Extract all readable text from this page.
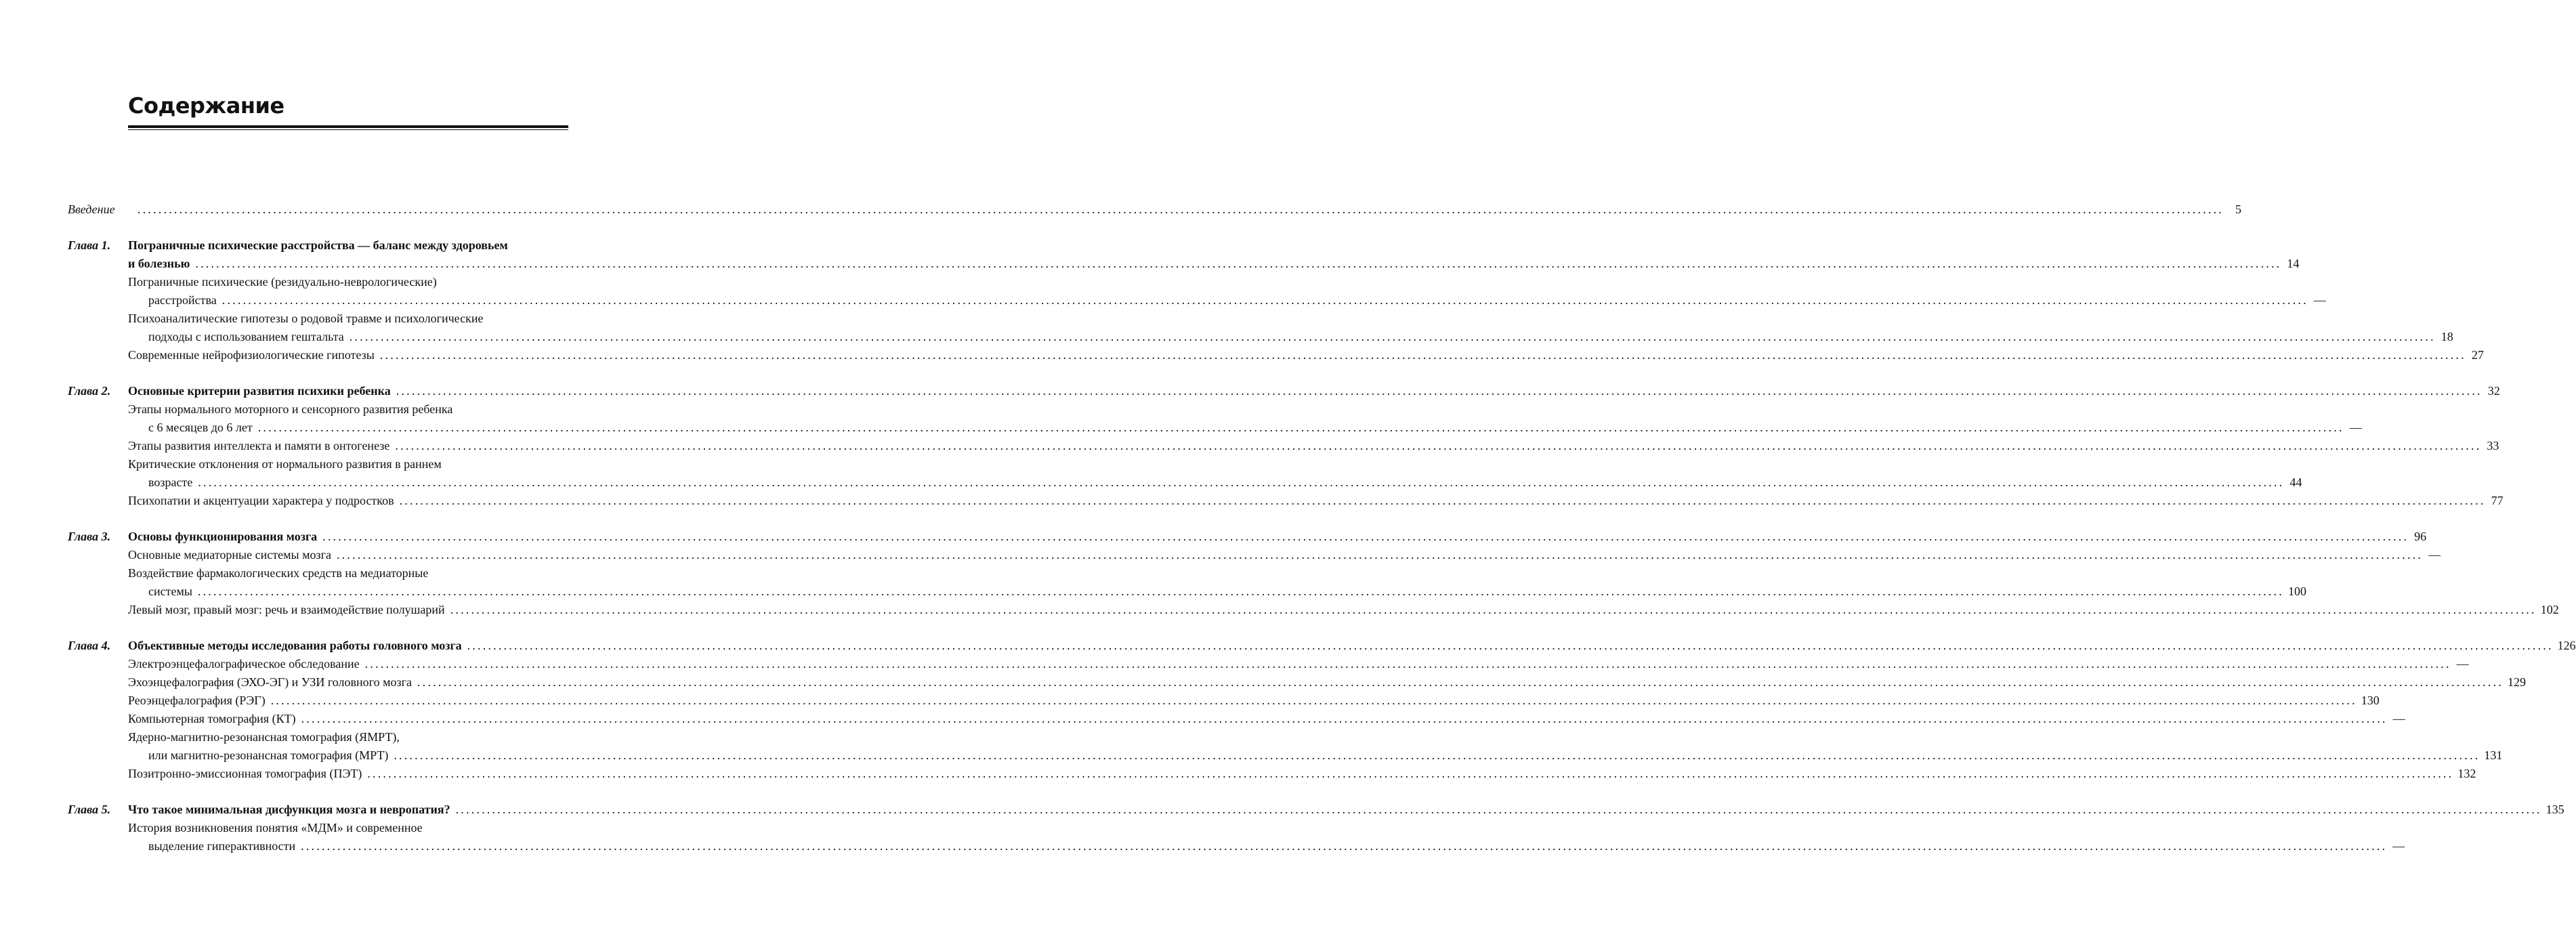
Содержание
................................................................................................................................................................................................................................................................................................................................................................................................................ 5
Введение
Глава 1. Пограничные психические расстройства — баланс между здоровьем
и болезнью ................................................................................................................................................................................................................................................................................................................................................................................................................ 14
Пограничные психические (резидуально-неврологические)
расстройства ................................................................................................................................................................................................................................................................................................................................................................................................................ —
Психоаналитические гипотезы о родовой травме и психологические
подходы с использованием гештальта ................................................................................................................................................................................................................................................................................................................................................................................................................ 18
Современные нейрофизиологические гипотезы ................................................................................................................................................................................................................................................................................................................................................................................................................ 27
Глава 2. Основные критерии развития психики ребенка ................................................................................................................................................................................................................................................................................................................................................................................................................ 32
Этапы нормального моторного и сенсорного развития ребенка
с 6 месяцев до 6 лет ................................................................................................................................................................................................................................................................................................................................................................................................................ —
Этапы развития интеллекта и памяти в онтогенезе ................................................................................................................................................................................................................................................................................................................................................................................................................ 33
Критические отклонения от нормального развития в раннем
возрасте ................................................................................................................................................................................................................................................................................................................................................................................................................ 44
Психопатии и акцентуации характера у подростков ................................................................................................................................................................................................................................................................................................................................................................................................................ 77
Глава 3. Основы функционирования мозга ................................................................................................................................................................................................................................................................................................................................................................................................................ 96
Основные медиаторные системы мозга ................................................................................................................................................................................................................................................................................................................................................................................................................ —
Воздействие фармакологических средств на медиаторные
системы ................................................................................................................................................................................................................................................................................................................................................................................................................ 100
Левый мозг, правый мозг: речь и взаимодействие полушарий ................................................................................................................................................................................................................................................................................................................................................................................................................ 102
Глава 4. Объективные методы исследования работы головного мозга ................................................................................................................................................................................................................................................................................................................................................................................................................ 126
Электроэнцефалографическое обследование ................................................................................................................................................................................................................................................................................................................................................................................................................ —
Эхоэнцефалография (ЭХО-ЭГ) и УЗИ головного мозга ................................................................................................................................................................................................................................................................................................................................................................................................................ 129
Реоэнцефалография (РЭГ) ................................................................................................................................................................................................................................................................................................................................................................................................................ 130
Компьютерная томография (КТ) ................................................................................................................................................................................................................................................................................................................................................................................................................ —
Ядерно-магнитно-резонансная томография (ЯМРТ),
или магнитно-резонансная томография (МРТ) ................................................................................................................................................................................................................................................................................................................................................................................................................ 131
Позитронно-эмиссионная томография (ПЭТ) ................................................................................................................................................................................................................................................................................................................................................................................................................ 132
Глава 5. Что такое минимальная дисфункция мозга и невропатия? ................................................................................................................................................................................................................................................................................................................................................................................................................ 135
История возникновения понятия «МДМ» и современное
выделение гиперактивности ................................................................................................................................................................................................................................................................................................................................................................................................................ —
